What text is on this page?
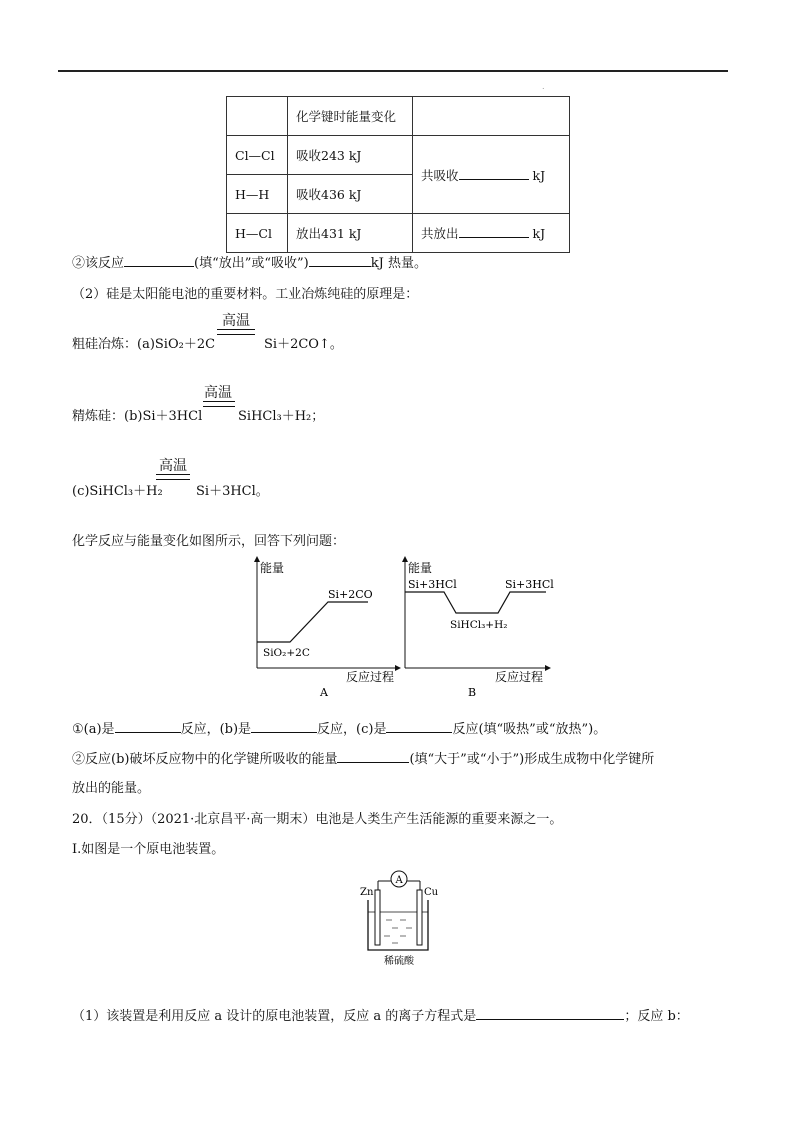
.
	化学键时能量变化	
Cl—Cl	吸收243 kJ	共吸收 kJ
H—H	吸收436 kJ	
H—Cl	放出431 kJ	共放出 kJ
②该反应	(填“放出”或“吸收”)	kJ 热量。
（2）硅是太阳能电池的重要材料。工业冶炼纯硅的原理是：
粗硅冶炼：(a)SiO₂＋2C
高温
Si＋2CO↑。
精炼硅：(b)Si＋3HCl
高温
SiHCl₃＋H₂；
(c)SiHCl₃＋H₂
高温
Si＋3HCl。
化学反应与能量变化如图所示，回答下列问题：
能量
SiO₂+2C
Si+2CO
反应过程
A
能量
Si+3HCl	Si+3HCl
SiHCl₃+H₂
反应过程
B
①(a)是	反应，(b)是	反应，(c)是	反应(填“吸热”或“放热”)。
②反应(b)破坏反应物中的化学键所吸收的能量	(填“大于”或“小于”)形成生成物中化学键所
放出的能量。
20．（15分）（2021·北京昌平·高一期末）电池是人类生产生活能源的重要来源之一。
I.如图是一个原电池装置。
A
Zn	Cu
稀硫酸
（1）该装置是利用反应 a 设计的原电池装置，反应 a 的离子方程式是	；反应 b：
